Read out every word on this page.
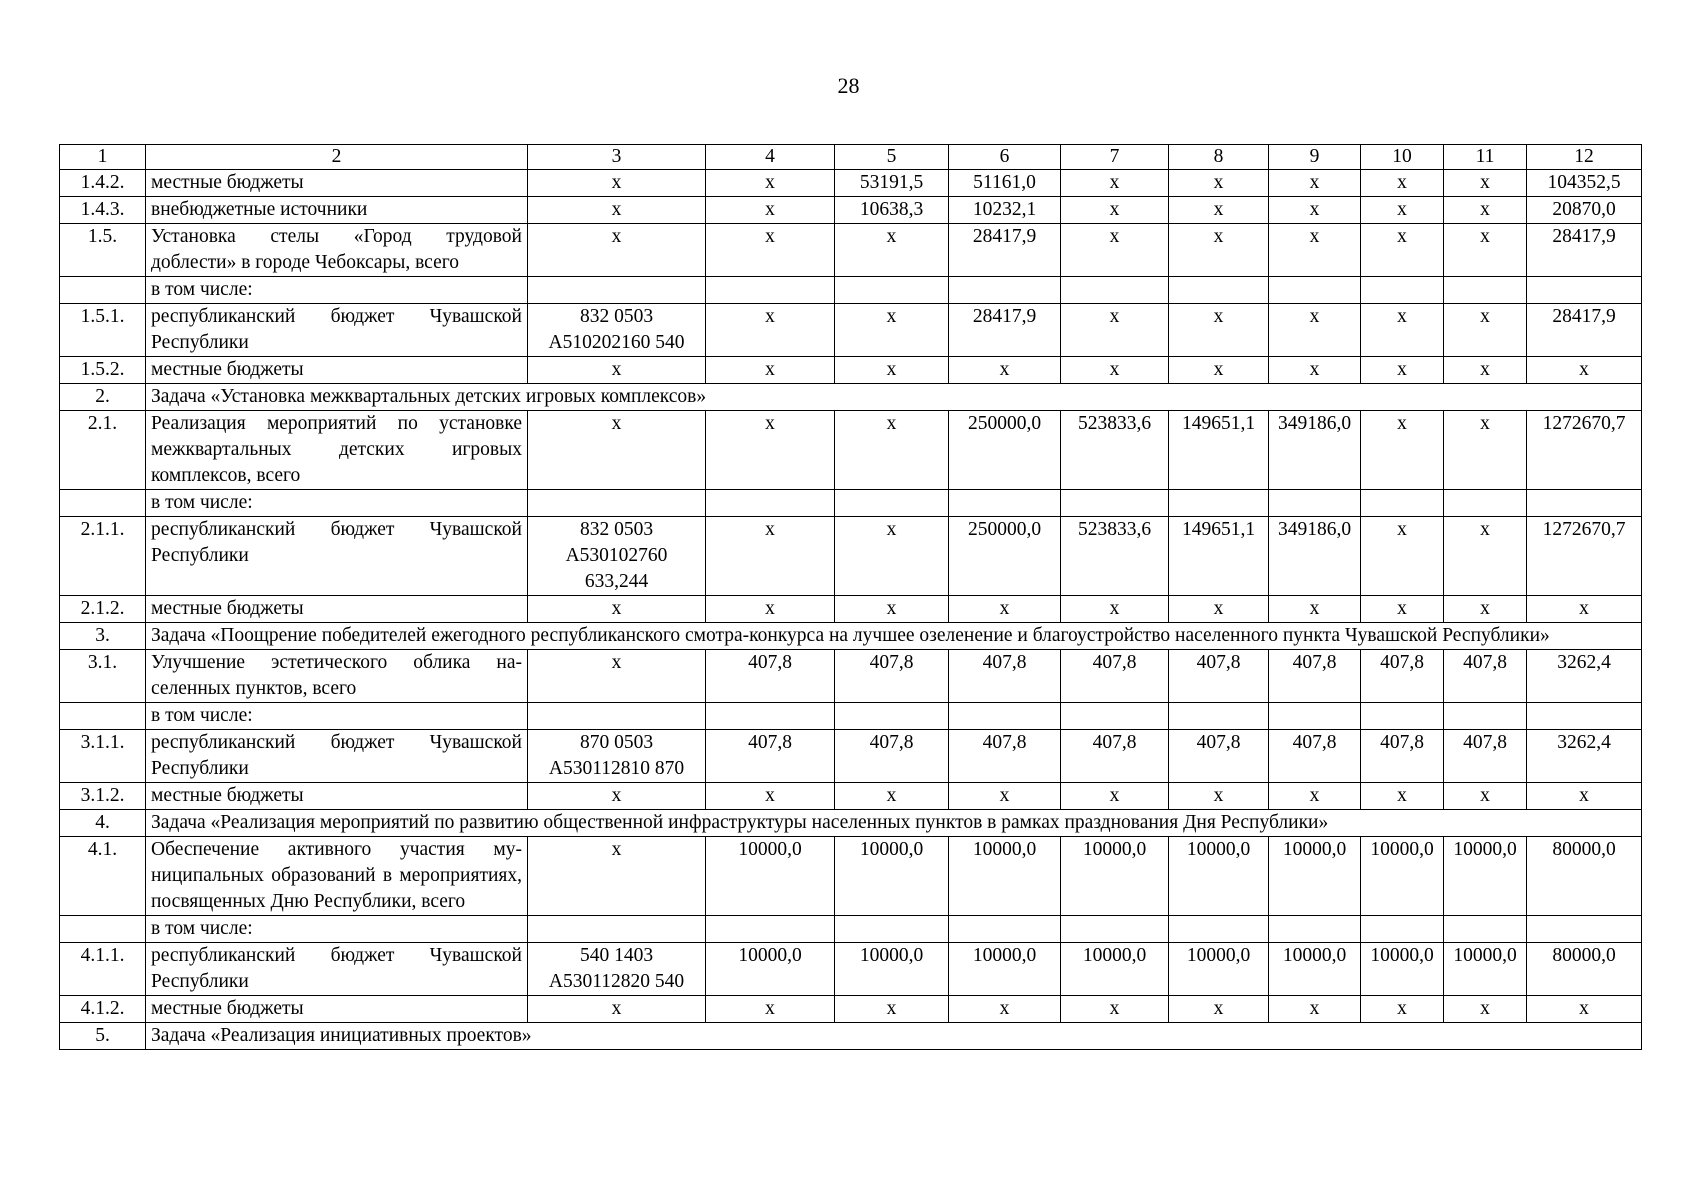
28
1	2	3	4	5	6	7	8	9	10	11	12
1.4.2.	местные бюджеты	х	х	53191,5	51161,0	х	х	х	х	х	104352,5
1.4.3.	внебюджетные источники	х	х	10638,3	10232,1	х	х	х	х	х	20870,0
1.5.	Установка стелы «Город трудовой доблести» в городе Чебоксары, всего	х	х	х	28417,9	х	х	х	х	х	28417,9
	в том числе:										
1.5.1.	республиканский бюджет Чувашской Республики	832 0503 А510202160 540	х	х	28417,9	х	х	х	х	х	28417,9
1.5.2.	местные бюджеты	х	х	х	х	х	х	х	х	х	х
2.	Задача «Установка межквартальных детских игровых комплексов»										
2.1.	Реализация мероприятий по установке межквартальных детских игровых комплексов, всего	х	х	х	250000,0	523833,6	149651,1	349186,0	х	х	1272670,7
	в том числе:										
2.1.1.	республиканский бюджет Чувашской Республики	832 0503 А530102760 633,244	х	х	250000,0	523833,6	149651,1	349186,0	х	х	1272670,7
2.1.2.	местные бюджеты	х	х	х	х	х	х	х	х	х	х
3.	Задача «Поощрение победителей ежегодного республиканского смотра-конкурса на лучшее озеленение и благоустройство населенного пункта Чувашской Республики»										
3.1.	Улучшение эстетического облика населенных пунктов, всего	х	407,8	407,8	407,8	407,8	407,8	407,8	407,8	407,8	3262,4
	в том числе:										
3.1.1.	республиканский бюджет Чувашской Республики	870 0503 А530112810 870	407,8	407,8	407,8	407,8	407,8	407,8	407,8	407,8	3262,4
3.1.2.	местные бюджеты	х	х	х	х	х	х	х	х	х	х
4.	Задача «Реализация мероприятий по развитию общественной инфраструктуры населенных пунктов в рамках празднования Дня Республики»										
4.1.	Обеспечение активного участия муниципальных образований в мероприятиях, посвященных Дню Республики, всего	х	10000,0	10000,0	10000,0	10000,0	10000,0	10000,0	10000,0	10000,0	80000,0
	в том числе:										
4.1.1.	республиканский бюджет Чувашской Республики	540 1403 А530112820 540	10000,0	10000,0	10000,0	10000,0	10000,0	10000,0	10000,0	10000,0	80000,0
4.1.2.	местные бюджеты	х	х	х	х	х	х	х	х	х	х
5.	Задача «Реализация инициативных проектов»										
